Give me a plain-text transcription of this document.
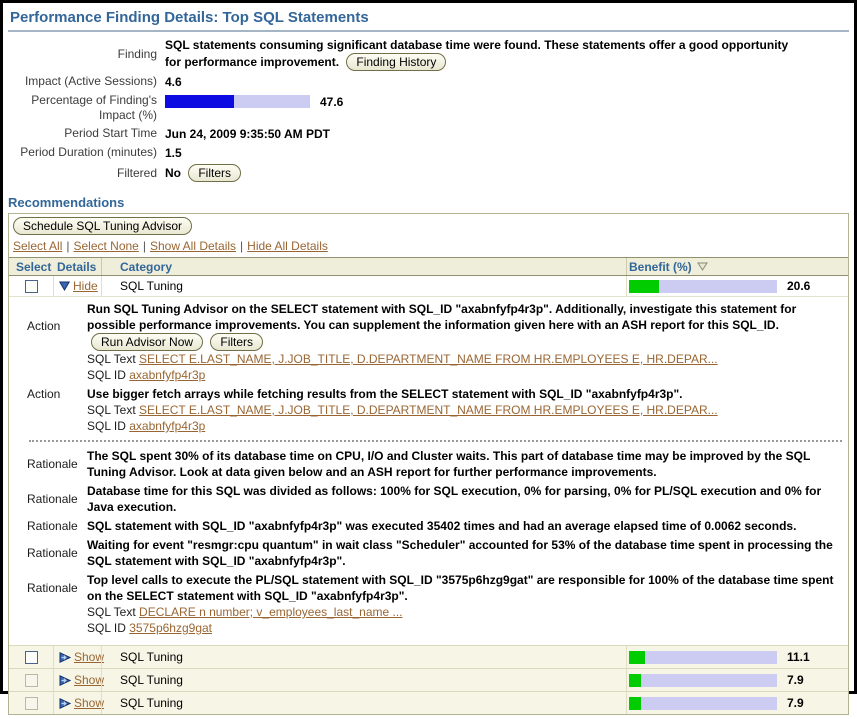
Performance Finding Details: Top SQL Statements
Finding
SQL statements consuming significant database time were found. These statements offer a good opportunity for performance improvement. Finding History
Impact (Active Sessions) 4.6
Percentage of Finding's Impact (%)
47.6
Period Start Time Jun 24, 2009 9:35:50 AM PDT
Period Duration (minutes) 1.5
Filtered No Filters
Recommendations
Schedule SQL Tuning Advisor
Select All | Select None | Show All Details | Hide All Details
Select Details	Category	Benefit (%)
Hide	SQL Tuning	20.6
Action
Run SQL Tuning Advisor on the SELECT statement with SQL_ID "axabnfyfp4r3p". Additionally, investigate this statement for possible performance improvements. You can supplement the information given here with an ASH report for this SQL_ID. Run Advisor Now Filters
SQL Text SELECT E.LAST_NAME, J.JOB_TITLE, D.DEPARTMENT_NAME FROM HR.EMPLOYEES E, HR.DEPAR...
SQL ID axabnfyfp4r3p
Action	Use bigger fetch arrays while fetching results from the SELECT statement with SQL_ID "axabnfyfp4r3p".
SQL Text SELECT E.LAST_NAME, J.JOB_TITLE, D.DEPARTMENT_NAME FROM HR.EMPLOYEES E, HR.DEPAR...
SQL ID axabnfyfp4r3p
Rationale
The SQL spent 30% of its database time on CPU, I/O and Cluster waits. This part of database time may be improved by the SQL Tuning Advisor. Look at data given below and an ASH report for further performance improvements.
Rationale
Database time for this SQL was divided as follows: 100% for SQL execution, 0% for parsing, 0% for PL/SQL execution and 0% for Java execution.
Rationale SQL statement with SQL_ID "axabnfyfp4r3p" was executed 35402 times and had an average elapsed time of 0.0062 seconds.
Rationale
Waiting for event "resmgr:cpu quantum" in wait class "Scheduler" accounted for 53% of the database time spent in processing the SQL statement with SQL_ID "axabnfyfp4r3p".
Rationale
Top level calls to execute the PL/SQL statement with SQL_ID "3575p6hzg9gat" are responsible for 100% of the database time spent on the SELECT statement with SQL_ID "axabnfyfp4r3p".
SQL Text DECLARE n number; v_employees_last_name ...
SQL ID 3575p6hzg9gat
Show	SQL Tuning	11.1
Show	SQL Tuning	7.9
Show	SQL Tuning	7.9
